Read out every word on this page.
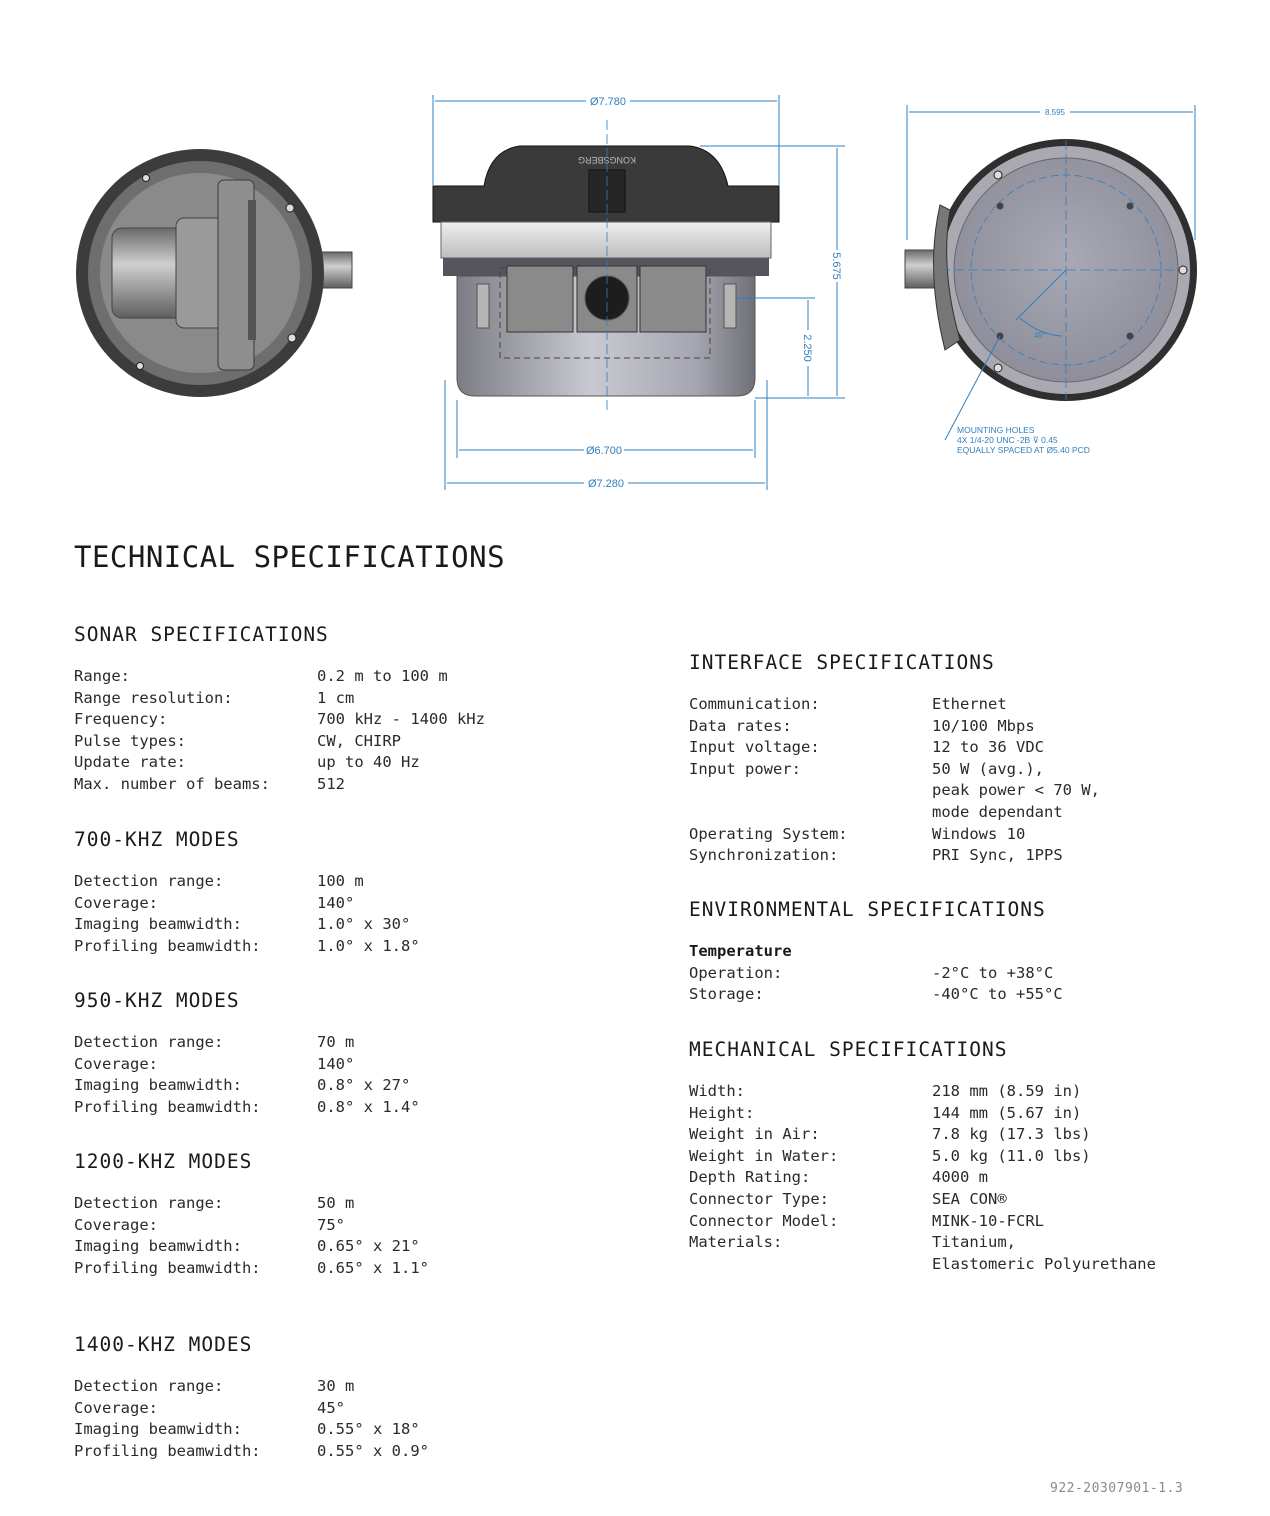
KONGSBERG
Ø7.780
Ø6.700
Ø7.280
5.675
2.250
8.595
45°
MOUNTING HOLES
4X 1/4-20 UNC -2B ⊽ 0.45
EQUALLY SPACED AT Ø5.40 PCD
TECHNICAL SPECIFICATIONS
SONAR SPECIFICATIONS
Range:	0.2 m to 100 m
Range resolution:	1 cm
Frequency:	700 kHz - 1400 kHz
Pulse types:	CW, CHIRP
Update rate:	up to 40 Hz
Max. number of beams:	512
700-KHZ MODES
Detection range:	100 m
Coverage:	140°
Imaging beamwidth:	1.0° x 30°
Profiling beamwidth:	1.0° x 1.8°
950-KHZ MODES
Detection range:	70 m
Coverage:	140°
Imaging beamwidth:	0.8° x 27°
Profiling beamwidth:	0.8° x 1.4°
1200-KHZ MODES
Detection range:	50 m
Coverage:	75°
Imaging beamwidth:	0.65° x 21°
Profiling beamwidth:	0.65° x 1.1°
1400-KHZ MODES
Detection range:	30 m
Coverage:	45°
Imaging beamwidth:	0.55° x 18°
Profiling beamwidth:	0.55° x 0.9°
INTERFACE SPECIFICATIONS
Communication:	Ethernet
Data rates:	10/100 Mbps
Input voltage:	12 to 36 VDC
Input power:	50 W (avg.),
peak power < 70 W,
mode dependant
Operating System:	Windows 10
Synchronization:	PRI Sync, 1PPS
ENVIRONMENTAL SPECIFICATIONS
Temperature
Operation:	-2°C to +38°C
Storage:	-40°C to +55°C
MECHANICAL SPECIFICATIONS
Width:	218 mm (8.59 in)
Height:	144 mm (5.67 in)
Weight in Air:	7.8 kg (17.3 lbs)
Weight in Water:	5.0 kg (11.0 lbs)
Depth Rating:	4000 m
Connector Type:	SEA CON®
Connector Model:	MINK-10-FCRL
Materials:	Titanium,
Elastomeric Polyurethane
922-20307901-1.3
